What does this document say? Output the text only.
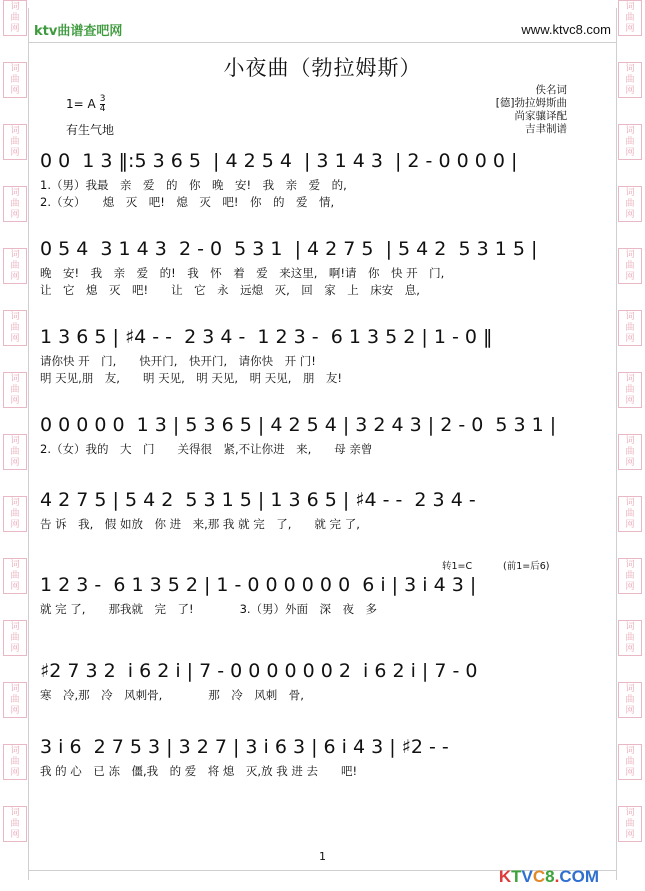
词
曲
网
词
曲
网
词
曲
网
词
曲
网
词
曲
网
词
曲
网
词
曲
网
词
曲
网
词
曲
网
词
曲
网
词
曲
网
词
曲
网
词
曲
网
词
曲
网
词
曲
网
词
曲
网
词
曲
网
词
曲
网
词
曲
网
词
曲
网
词
曲
网
词
曲
网
词
曲
网
词
曲
网
词
曲
网
词
曲
网
词
曲
网
词
曲
网
ktv曲谱查吧网	www.ktvc8.com
小夜曲（勃拉姆斯）
佚名词
[德]勃拉姆斯曲
尚家骧译配
吉聿制谱
1= A $\frac{3}{4}$
有生气地
0 0  1 3 ‖:5 3 6 5  | 4 2 5 4  | 3 1 4 3  | 2 - 0 0 0 0 |
1.（男）我最　亲　爱　的　你　晚　安!　我　亲　爱　的,
2.（女）　　熄　灭　吧!　熄　灭　吧!　你　的　爱　情,
0 5 4  3 1 4 3  2 - 0  5 3 1  | 4 2 7 5  | 5 4 2  5 3 1 5 |
晚　安!　我　亲　爱　的!　我　怀　着　爱　来这里,　啊!请　你　快 开　门,
让　它　熄　灭　吧!　　让　它　永　远熄　灭,　回　家　上　床安　息,
1 3 6 5 | ♯4 - -  2 3 4 -  1 2 3 -  6 1 3 5 2 | 1 - 0 ‖
请你快 开　门,　　快开门,　快开门,　请你快　开 门!
明 天见,朋　友,　　明 天见,　明 天见,　明 天见,　朋　友!
0 0 0 0 0  1 3 | 5 3 6 5 | 4 2 5 4 | 3 2 4 3 | 2 - 0  5 3 1 |
2.（女）我的　大　门　　关得很　紧,不让你进　来,　　母 亲曾
4 2 7 5 | 5 4 2  5 3 1 5 | 1 3 6 5 | ♯4 - -  2 3 4 -
告 诉　我,　假 如放　你 进　来,那 我 就 完　了,　　就 完 了,
1 2 3 -  6 1 3 5 2 | 1 - 0 0 0 0 0 0  6 i | 3 i 4 3 |
转1=C	(前1=后6)
就 完 了,　　那我就　完　了!　　　　3.（男）外面　深　夜　多
♯2 7 3 2  i 6 2 i | 7 - 0 0 0 0 0 0 2  i 6 2 i | 7 - 0
寒　冷,那　冷　风刺骨,　　　　那　冷　风刺　骨,
3 i 6  2 7 5 3 | 3 2 7 | 3 i 6 3 | 6 i 4 3 | ♯2 - -
我 的 心　已 冻　僵,我　的 爱　将 熄　灭,放 我 进 去　　吧!
1
KTVC8.COM
